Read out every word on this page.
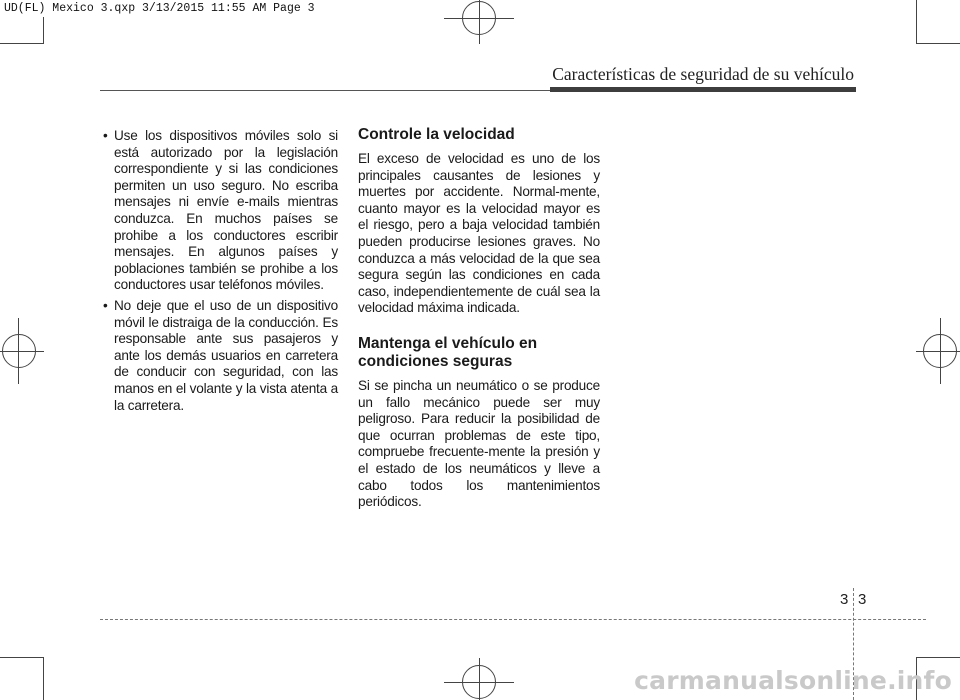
UD(FL) Mexico 3.qxp 3/13/2015 11:55 AM Page 3
Características de seguridad de su vehículo
• Use los dispositivos móviles solo si está autorizado por la legislación correspondiente y si las condiciones permiten un uso seguro. No escriba mensajes ni envíe e-mails mientras conduzca. En muchos países se prohibe a los conductores escribir mensajes. En algunos países y poblaciones también se prohibe a los conductores usar teléfonos móviles.
• No deje que el uso de un dispositivo móvil le distraiga de la conducción. Es responsable ante sus pasajeros y ante los demás usuarios en carretera de conducir con seguridad, con las manos en el volante y la vista atenta a la carretera.
Controle la velocidad

El exceso de velocidad es uno de los principales causantes de lesiones y muertes por accidente. Normal-mente, cuanto mayor es la velocidad mayor es el riesgo, pero a baja velocidad también pueden producirse lesiones graves. No conduzca a más velocidad de la que sea segura según las condiciones en cada caso, independientemente de cuál sea la velocidad máxima indicada.

Mantenga el vehículo en condiciones seguras

Si se pincha un neumático o se produce un fallo mecánico puede ser muy peligroso. Para reducir la posibilidad de que ocurran problemas de este tipo, compruebe frecuente-mente la presión y el estado de los neumáticos y lleve a cabo todos los mantenimientos periódicos.

3 3
carmanualsonline.info
